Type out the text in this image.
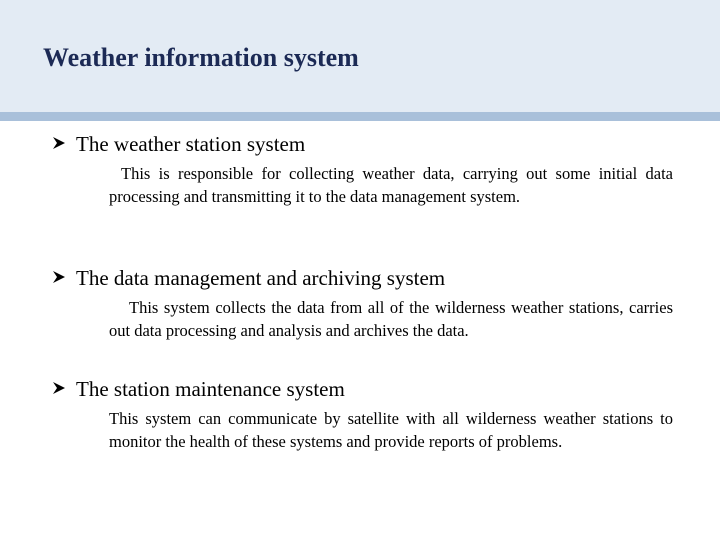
Weather information system
The weather station system

This is responsible for collecting weather data, carrying out some initial data processing and transmitting it to the data management system.

The data management and archiving system

This system collects the data from all of the wilderness weather stations, carries out data processing and analysis and archives the data.

The station maintenance system

This system can communicate by satellite with all wilderness weather stations to monitor the health of these systems and provide reports of problems.
